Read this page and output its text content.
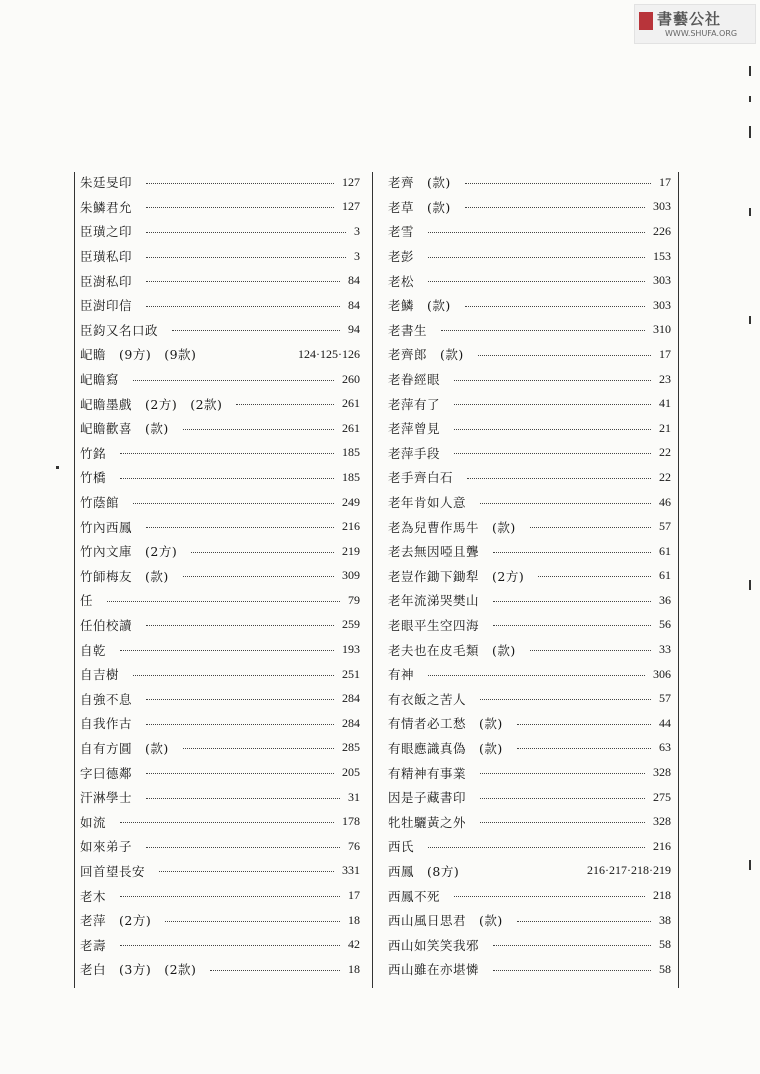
書藝公社
WWW.SHUFA.ORG
朱廷旻印	127
朱鱗君允	127
臣璜之印	3
臣璜私印	3
臣澍私印	84
臣澍印信	84
臣鈞又名口政	94
屺瞻　(9方)　(9款)	124·125·126
屺瞻寫	260
屺瞻墨戲　(2方)　(2款)	261
屺瞻歡喜　(款)	261
竹銘	185
竹橋	185
竹蔭館	249
竹內西鳳	216
竹內文庫　(2方)	219
竹師梅友　(款)	309
任	79
任伯校讀	259
自乾	193
自吉樹	251
自強不息	284
自我作古	284
自有方圓　(款)	285
字曰德鄰	205
汗淋學士	31
如流	178
如來弟子	76
回首望長安	331
老木	17
老萍　(2方)	18
老壽	42
老白　(3方)　(2款)	18
老齊　(款)	17
老草　(款)	303
老雪	226
老彭	153
老松	303
老鱗　(款)	303
老書生	310
老齊郎　(款)	17
老眷經眼	23
老萍有了	41
老萍曾見	21
老萍手段	22
老手齊白石	22
老年肯如人意	46
老為兒曹作馬牛　(款)	57
老去無因啞且聾	61
老豈作鋤下鋤犁　(2方)	61
老年流涕哭樊山	36
老眼平生空四海	56
老夫也在皮毛類　(款)	33
有神	306
有衣飯之苦人	57
有情者必工愁　(款)	44
有眼應識真偽　(款)	63
有精神有事業	328
因是子藏書印	275
牝牡驪黃之外	328
西氏	216
西鳳　(8方)	216·217·218·219
西鳳不死	218
西山風日思君　(款)	38
西山如笑笑我邪	58
西山雖在亦堪憐	58
